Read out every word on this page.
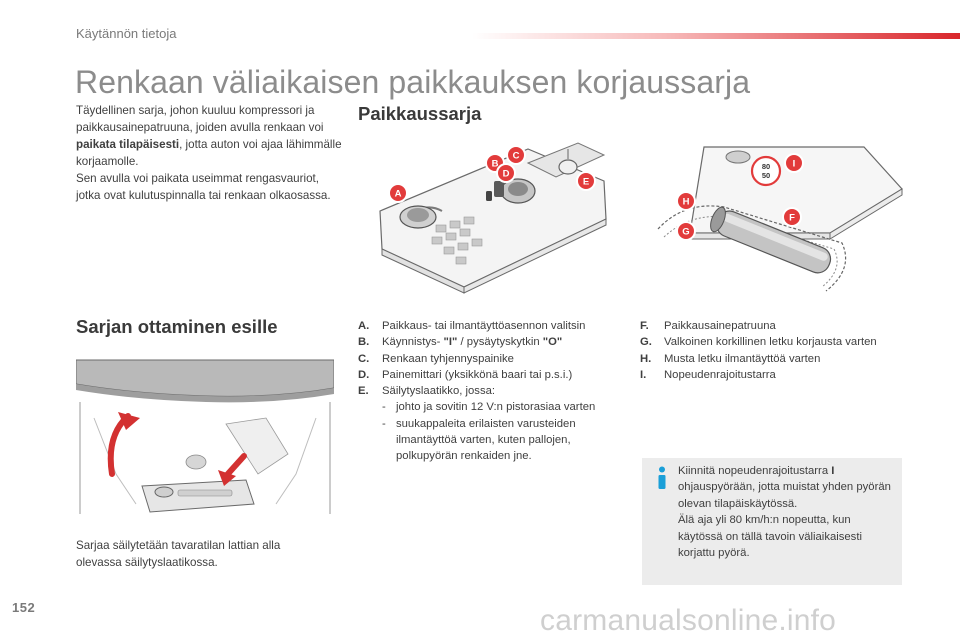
Käytännön tietoja
Renkaan väliaikaisen paikkauksen korjaussarja
Täydellinen sarja, johon kuuluu kompressori ja paikkausainepatruuna, joiden avulla renkaan voi paikata tilapäisesti, jotta auton voi ajaa lähimmälle korjaamolle.
Sen avulla voi paikata useimmat rengasvauriot, jotka ovat kulutuspinnalla tai renkaan olkaosassa.
Paikkaussarja
A
B
C
D
E
80
50
I
H
F
G
Sarjan ottaminen esille
Sarjaa säilytetään tavaratilan lattian alla olevassa säilytyslaatikossa.
A.	Paikkaus- tai ilmantäyttöasennon valitsin
B.	Käynnistys- "I" / pysäytyskytkin "O"
C.	Renkaan tyhjennyspainike
D.	Painemittari (yksikkönä baari tai p.s.i.)
E.	Säilytyslaatikko, jossa:
- johto ja sovitin 12 V:n pistorasiaa varten
- suukappaleita erilaisten varusteiden ilmantäyttöä varten, kuten pallojen, polkupyörän renkaiden jne.
F.	Paikkausainepatruuna
G.	Valkoinen korkillinen letku korjausta varten
H.	Musta letku ilmantäyttöä varten
I.	Nopeudenrajoitustarra
Kiinnitä nopeudenrajoitustarra I ohjauspyörään, jotta muistat yhden pyörän olevan tilapäiskäytössä.
Älä aja yli 80 km/h:n nopeutta, kun käytössä on tällä tavoin väliaikaisesti korjattu pyörä.
152	carmanualsonline.info
